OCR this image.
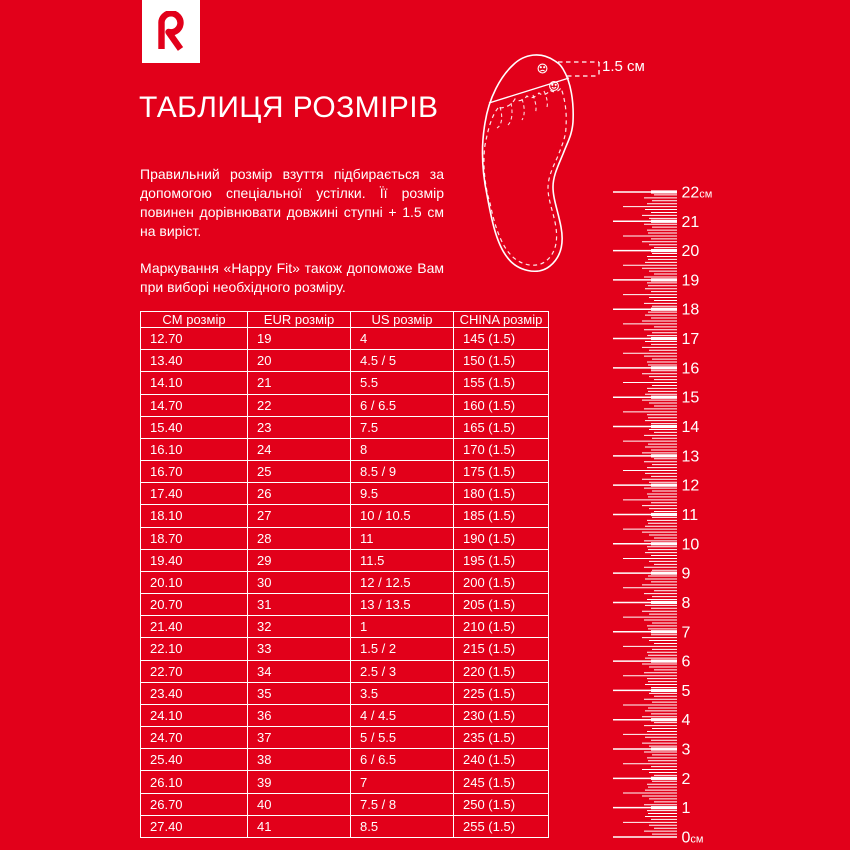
ТАБЛИЦЯ РОЗМІРІВ

Правильний розмір взуття підбирається за допомогою спеціальної устілки. Її розмір повинен дорівнювати довжині ступні + 1.5 см на виріст.

Маркування «Happy Fit» також допоможе Вам при виборі необхідного розміру.

1.5 см
CM розмір	EUR розмір	US розмір	CHINA розмір
12.70	19	4	145 (1.5)
13.40	20	4.5 / 5	150 (1.5)
14.10	21	5.5	155 (1.5)
14.70	22	6 / 6.5	160 (1.5)
15.40	23	7.5	165 (1.5)
16.10	24	8	170 (1.5)
16.70	25	8.5 / 9	175 (1.5)
17.40	26	9.5	180 (1.5)
18.10	27	10 / 10.5	185 (1.5)
18.70	28	11	190 (1.5)
19.40	29	11.5	195 (1.5)
20.10	30	12 / 12.5	200 (1.5)
20.70	31	13 / 13.5	205 (1.5)
21.40	32	1	210 (1.5)
22.10	33	1.5 / 2	215 (1.5)
22.70	34	2.5 / 3	220 (1.5)
23.40	35	3.5	225 (1.5)
24.10	36	4 / 4.5	230 (1.5)
24.70	37	5 / 5.5	235 (1.5)
25.40	38	6 / 6.5	240 (1.5)
26.10	39	7	245 (1.5)
26.70	40	7.5 / 8	250 (1.5)
27.40	41	8.5	255 (1.5)
0см
1
2
3
4
5
6
7
8
9
10
11
12
13
14
15
16
17
18
19
20
21
22см
